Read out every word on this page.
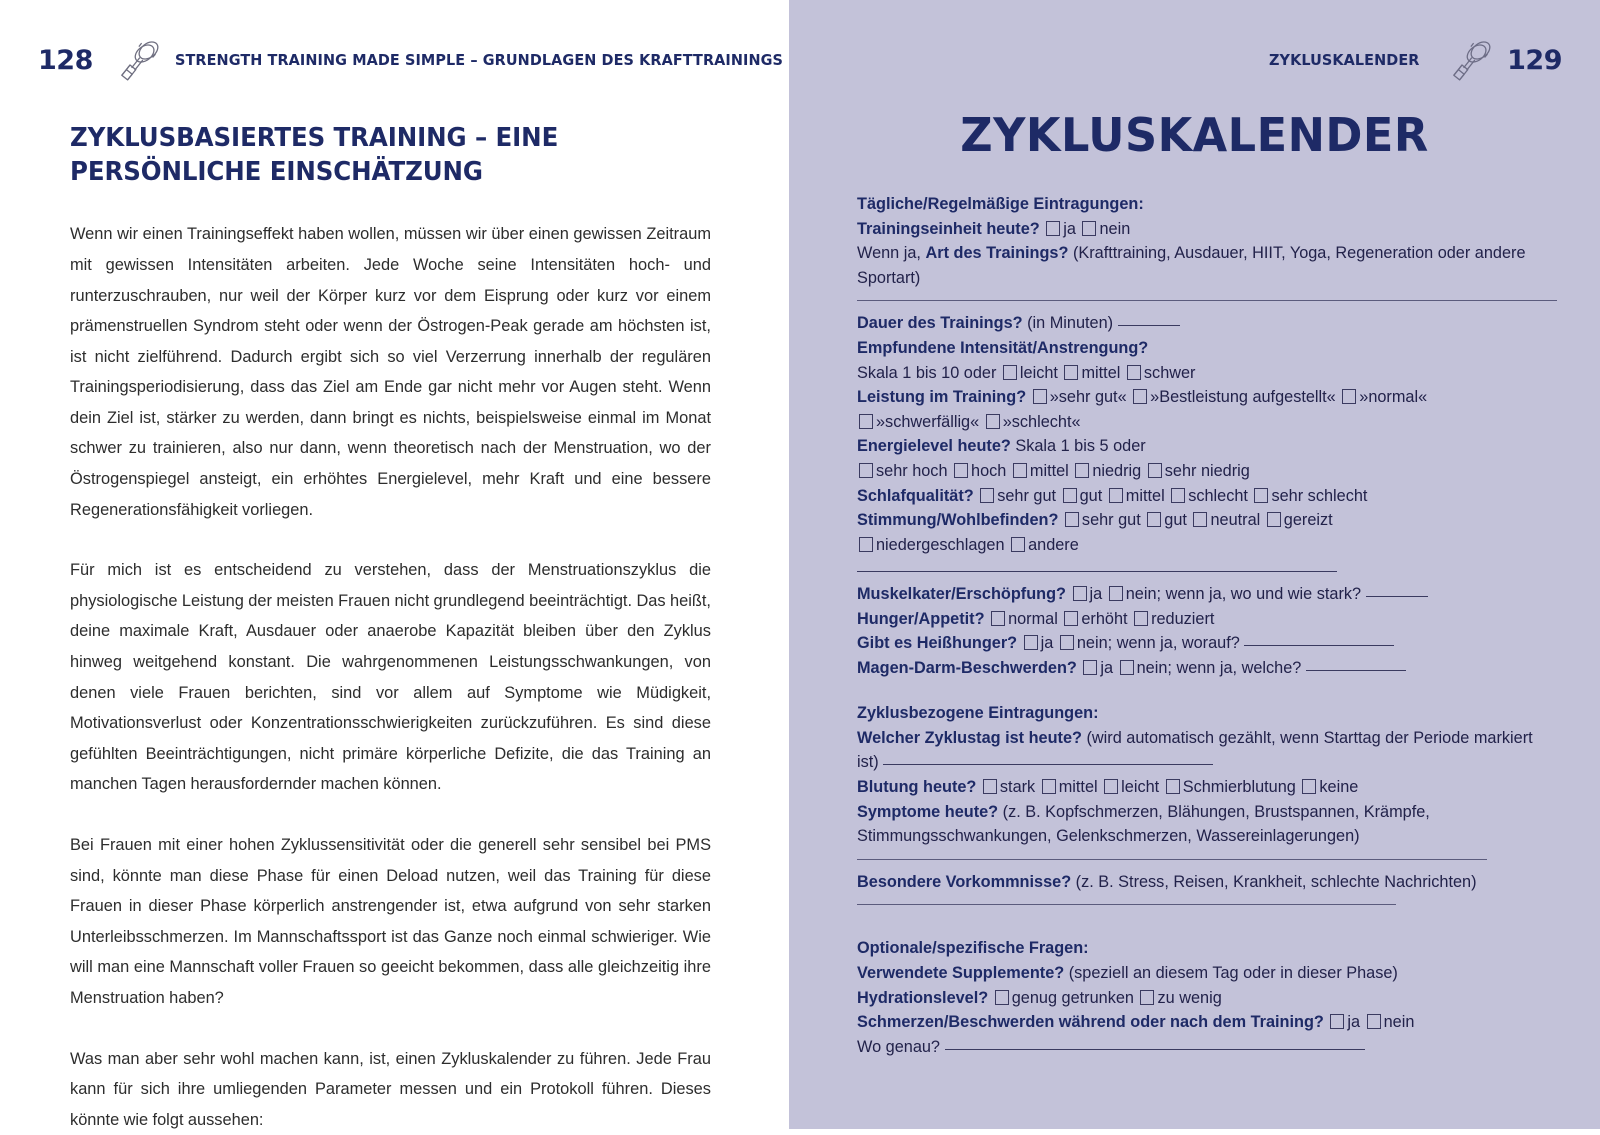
128	STRENGTH TRAINING MADE SIMPLE – GRUNDLAGEN DES KRAFTTRAININGS
ZYKLUSBASIERTES TRAINING – EINE PERSÖNLICHE EINSCHÄTZUNG

Wenn wir einen Trainingseffekt haben wollen, müssen wir über einen gewissen Zeitraum mit gewissen Intensitäten arbeiten. Jede Woche seine Intensitäten hoch- und runterzuschrauben, nur weil der Körper kurz vor dem Eisprung oder kurz vor einem prämenstruellen Syndrom steht oder wenn der Östrogen-Peak gerade am höchsten ist, ist nicht zielführend. Dadurch ergibt sich so viel Verzerrung innerhalb der regulären Trainingsperiodisierung, dass das Ziel am Ende gar nicht mehr vor Augen steht. Wenn dein Ziel ist, stärker zu werden, dann bringt es nichts, beispielsweise einmal im Monat schwer zu trainieren, also nur dann, wenn theoretisch nach der Menstruation, wo der Östrogenspiegel ansteigt, ein erhöhtes Energielevel, mehr Kraft und eine bessere Regenerationsfähigkeit vorliegen.

Für mich ist es entscheidend zu verstehen, dass der Menstruationszyklus die physiologische Leistung der meisten Frauen nicht grundlegend beeinträchtigt. Das heißt, deine maximale Kraft, Ausdauer oder anaerobe Kapazität bleiben über den Zyklus hinweg weitgehend konstant. Die wahrgenommenen Leistungsschwankungen, von denen viele Frauen berichten, sind vor allem auf Symptome wie Müdigkeit, Motivationsverlust oder Konzentrationsschwierigkeiten zurückzuführen. Es sind diese gefühlten Beeinträchtigungen, nicht primäre körperliche Defizite, die das Training an manchen Tagen herausfordernder machen können.

Bei Frauen mit einer hohen Zyklussensitivität oder die generell sehr sensibel bei PMS sind, könnte man diese Phase für einen Deload nutzen, weil das Training für diese Frauen in dieser Phase körperlich anstrengender ist, etwa aufgrund von sehr starken Unterleibsschmerzen. Im Mannschaftssport ist das Ganze noch einmal schwieriger. Wie will man eine Mannschaft voller Frauen so geeicht bekommen, dass alle gleichzeitig ihre Menstruation haben?

Was man aber sehr wohl machen kann, ist, einen Zykluskalender zu führen. Jede Frau kann für sich ihre umliegenden Parameter messen und ein Protokoll führen. Dieses könnte wie folgt aussehen:

ZYKLUSKALENDER	129
ZYKLUSKALENDER
Tägliche/Regelmäßige Eintragungen:
Trainingseinheit heute? ja nein
Wenn ja, Art des Trainings? (Krafttraining, Ausdauer, HIIT, Yoga, Regeneration oder andere Sportart)
Dauer des Trainings? (in Minuten)
Empfundene Intensität/Anstrengung?
Skala 1 bis 10 oder leicht mittel schwer
Leistung im Training? »sehr gut« »Bestleistung aufgestellt« »normal«
»schwerfällig« »schlecht«
Energielevel heute? Skala 1 bis 5 oder
sehr hoch hoch mittel niedrig sehr niedrig
Schlafqualität? sehr gut gut mittel schlecht sehr schlecht
Stimmung/Wohlbefinden? sehr gut gut neutral gereizt
niedergeschlagen andere
Muskelkater/Erschöpfung? ja nein; wenn ja, wo und wie stark?
Hunger/Appetit? normal erhöht reduziert
Gibt es Heißhunger? ja nein; wenn ja, worauf?
Magen-Darm-Beschwerden? ja nein; wenn ja, welche?
Zyklusbezogene Eintragungen:
Welcher Zyklustag ist heute? (wird automatisch gezählt, wenn Starttag der Periode markiert ist)
Blutung heute? stark mittel leicht Schmierblutung keine
Symptome heute? (z. B. Kopfschmerzen, Blähungen, Brustspannen, Krämpfe, Stimmungsschwankungen, Gelenkschmerzen, Wassereinlagerungen)
Besondere Vorkommnisse? (z. B. Stress, Reisen, Krankheit, schlechte Nachrichten)
Optionale/spezifische Fragen:
Verwendete Supplemente? (speziell an diesem Tag oder in dieser Phase)
Hydrationslevel? genug getrunken zu wenig
Schmerzen/Beschwerden während oder nach dem Training? ja nein
Wo genau?
